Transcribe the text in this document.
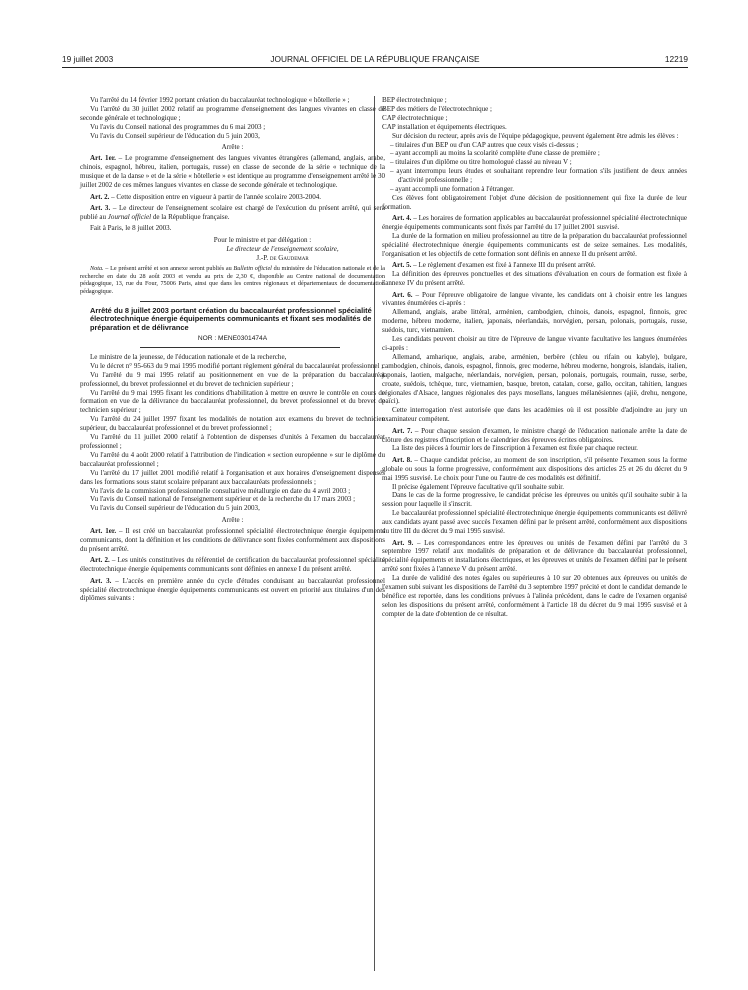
19 juillet 2003	JOURNAL OFFICIEL DE LA RÉPUBLIQUE FRANÇAISE	12219

Vu l'arrêté du 14 février 1992 portant création du baccalauréat technologique « hôtellerie » ;

Vu l'arrêté du 30 juillet 2002 relatif au programme d'enseignement des langues vivantes en classe de seconde générale et technologique ;

Vu l'avis du Conseil national des programmes du 6 mai 2003 ;

Vu l'avis du Conseil supérieur de l'éducation du 5 juin 2003,

Arrête :

Art. 1er. – Le programme d'enseignement des langues vivantes étrangères (allemand, anglais, arabe, chinois, espagnol, hébreu, italien, portugais, russe) en classe de seconde de la série « technique de la musique et de la danse » et de la série « hôtellerie » est identique au programme d'enseignement arrêté le 30 juillet 2002 de ces mêmes langues vivantes en classe de seconde générale et technologique.

Art. 2. – Cette disposition entre en vigueur à partir de l'année scolaire 2003-2004.

Art. 3. – Le directeur de l'enseignement scolaire est chargé de l'exécution du présent arrêté, qui sera publié au Journal officiel de la République française.

Fait à Paris, le 8 juillet 2003.

Pour le ministre et par délégation :

Le directeur de l'enseignement scolaire,

J.-P. de Gaudemar

Nota. – Le présent arrêté et son annexe seront publiés au Bulletin officiel du ministère de l'éducation nationale et de la recherche en date du 28 août 2003 et vendu au prix de 2,30 €, disponible au Centre national de documentation pédagogique, 13, rue du Four, 75006 Paris, ainsi que dans les centres régionaux et départementaux de documentation pédagogique.

Arrêté du 8 juillet 2003 portant création du baccalauréat professionnel spécialité électrotechnique énergie équipements communicants et fixant ses modalités de préparation et de délivrance

NOR : MENE0301474A

Le ministre de la jeunesse, de l'éducation nationale et de la recherche,

Vu le décret n° 95-663 du 9 mai 1995 modifié portant règlement général du baccalauréat professionnel ;

Vu l'arrêté du 9 mai 1995 relatif au positionnement en vue de la préparation du baccalauréat professionnel, du brevet professionnel et du brevet de technicien supérieur ;

Vu l'arrêté du 9 mai 1995 fixant les conditions d'habilitation à mettre en œuvre le contrôle en cours de formation en vue de la délivrance du baccalauréat professionnel, du brevet professionnel et du brevet de technicien supérieur ;

Vu l'arrêté du 24 juillet 1997 fixant les modalités de notation aux examens du brevet de technicien supérieur, du baccalauréat professionnel et du brevet professionnel ;

Vu l'arrêté du 11 juillet 2000 relatif à l'obtention de dispenses d'unités à l'examen du baccalauréat professionnel ;

Vu l'arrêté du 4 août 2000 relatif à l'attribution de l'indication « section européenne » sur le diplôme du baccalauréat professionnel ;

Vu l'arrêté du 17 juillet 2001 modifié relatif à l'organisation et aux horaires d'enseignement dispensés dans les formations sous statut scolaire préparant aux baccalauréats professionnels ;

Vu l'avis de la commission professionnelle consultative métallurgie en date du 4 avril 2003 ;

Vu l'avis du Conseil national de l'enseignement supérieur et de la recherche du 17 mars 2003 ;

Vu l'avis du Conseil supérieur de l'éducation du 5 juin 2003,

Arrête :

Art. 1er. – Il est créé un baccalauréat professionnel spécialité électrotechnique énergie équipements communicants, dont la définition et les conditions de délivrance sont fixées conformément aux dispositions du présent arrêté.

Art. 2. – Les unités constitutives du référentiel de certification du baccalauréat professionnel spécialité électrotechnique énergie équipements communicants sont définies en annexe I du présent arrêté.

Art. 3. – L'accès en première année du cycle d'études conduisant au baccalauréat professionnel spécialité électrotechnique énergie équipements communicants est ouvert en priorité aux titulaires d'un des diplômes suivants :

BEP électrotechnique ;

BEP des métiers de l'électrotechnique ;

CAP électrotechnique ;

CAP installation et équipements électriques.

Sur décision du recteur, après avis de l'équipe pédagogique, peuvent également être admis les élèves :

– titulaires d'un BEP ou d'un CAP autres que ceux visés ci-dessus ;
– ayant accompli au moins la scolarité complète d'une classe de première ;
– titulaires d'un diplôme ou titre homologué classé au niveau V ;
– ayant interrompu leurs études et souhaitant reprendre leur formation s'ils justifient de deux années d'activité professionnelle ;
– ayant accompli une formation à l'étranger.

Ces élèves font obligatoirement l'objet d'une décision de positionnement qui fixe la durée de leur formation.

Art. 4. – Les horaires de formation applicables au baccalauréat professionnel spécialité électrotechnique énergie équipements communicants sont fixés par l'arrêté du 17 juillet 2001 susvisé.

La durée de la formation en milieu professionnel au titre de la préparation du baccalauréat professionnel spécialité électrotechnique énergie équipements communicants est de seize semaines. Les modalités, l'organisation et les objectifs de cette formation sont définis en annexe II du présent arrêté.

Art. 5. – Le règlement d'examen est fixé à l'annexe III du présent arrêté.

La définition des épreuves ponctuelles et des situations d'évaluation en cours de formation est fixée à l'annexe IV du présent arrêté.

Art. 6. – Pour l'épreuve obligatoire de langue vivante, les candidats ont à choisir entre les langues vivantes énumérées ci-après :

Allemand, anglais, arabe littéral, arménien, cambodgien, chinois, danois, espagnol, finnois, grec moderne, hébreu moderne, italien, japonais, néerlandais, norvégien, persan, polonais, portugais, russe, suédois, turc, vietnamien.

Les candidats peuvent choisir au titre de l'épreuve de langue vivante facultative les langues énumérées ci-après :

Allemand, amharique, anglais, arabe, arménien, berbère (chleu ou rifain ou kabyle), bulgare, cambodgien, chinois, danois, espagnol, finnois, grec moderne, hébreu moderne, hongrois, islandais, italien, japonais, laotien, malgache, néerlandais, norvégien, persan, polonais, portugais, roumain, russe, serbe, croate, suédois, tchèque, turc, vietnamien, basque, breton, catalan, corse, gallo, occitan, tahitien, langues régionales d'Alsace, langues régionales des pays mosellans, langues mélanésiennes (ajië, drehu, nengone, païci).

Cette interrogation n'est autorisée que dans les académies où il est possible d'adjoindre au jury un examinateur compétent.

Art. 7. – Pour chaque session d'examen, le ministre chargé de l'éducation nationale arrête la date de clôture des registres d'inscription et le calendrier des épreuves écrites obligatoires.

La liste des pièces à fournir lors de l'inscription à l'examen est fixée par chaque recteur.

Art. 8. – Chaque candidat précise, au moment de son inscription, s'il présente l'examen sous la forme globale ou sous la forme progressive, conformément aux dispositions des articles 25 et 26 du décret du 9 mai 1995 susvisé. Le choix pour l'une ou l'autre de ces modalités est définitif.

Il précise également l'épreuve facultative qu'il souhaite subir.

Dans le cas de la forme progressive, le candidat précise les épreuves ou unités qu'il souhaite subir à la session pour laquelle il s'inscrit.

Le baccalauréat professionnel spécialité électrotechnique énergie équipements communicants est délivré aux candidats ayant passé avec succès l'examen défini par le présent arrêté, conformément aux dispositions du titre III du décret du 9 mai 1995 susvisé.

Art. 9. – Les correspondances entre les épreuves ou unités de l'examen défini par l'arrêté du 3 septembre 1997 relatif aux modalités de préparation et de délivrance du baccalauréat professionnel, spécialité équipements et installations électriques, et les épreuves et unités de l'examen défini par le présent arrêté sont fixées à l'annexe V du présent arrêté.

La durée de validité des notes égales ou supérieures à 10 sur 20 obtenues aux épreuves ou unités de l'examen subi suivant les dispositions de l'arrêté du 3 septembre 1997 précité et dont le candidat demande le bénéfice est reportée, dans les conditions prévues à l'alinéa précédent, dans le cadre de l'examen organisé selon les dispositions du présent arrêté, conformément à l'article 18 du décret du 9 mai 1995 susvisé et à compter de la date d'obtention de ce résultat.
